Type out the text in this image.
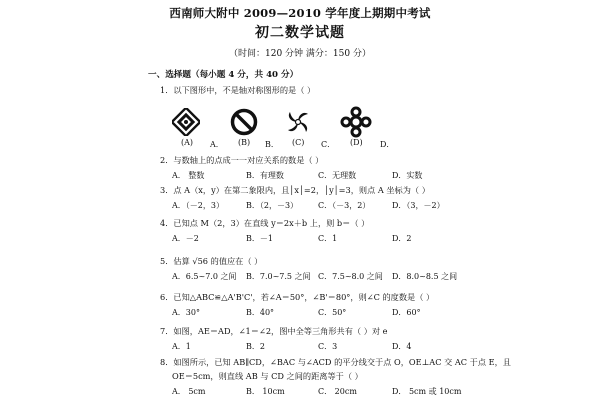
西南师大附中 2009—2010 学年度上期期中考试
初二数学试题
（时间：120 分钟 满分：150 分）
一、选择题（每小题 4 分，共 40 分）
1．以下图形中，不是轴对称图形的是（ ）
(A) A． (B) B． (C) C． (D) D．
2．与数轴上的点成一一对应关系的数是（ ）
A． 整数	B．有理数	C．无理数	D．实数
3．点 A（x，y）在第二象限内，且│x│=2，│y│=3，则点 A 坐标为（ ）
A．（－2，3）	B．（2，－3） C．（－3，2）	D．（3，－2）
4．已知点 M（2，3）在直线 y＝2x＋b 上，则 b＝（ ）
A．－2	B．－1	C．1	D．2
5．估算 √56 的值应在（ ）
A．6.5~7.0 之间 B．7.0~7.5 之间 C．7.5~8.0 之间 D．8.0~8.5 之间
6．已知△ABC≌△A'B'C'，若∠A＝50°，∠B'＝80°，则∠C 的度数是（ ）
A．30°	B．40°	C．50°	D．60°
7．如图，AE＝AD，∠1＝∠2，图中全等三角形共有（ ）对 e
A．1	B．2	C．3	D．4
8．如图所示，已知 AB∥CD，∠BAC 与∠ACD 的平分线交于点 O，OE⊥AC 交 AC 于点 E，且
OE＝5cm，则直线 AB 与 CD 之间的距离等于（ ）
A． 5cm	B． 10cm	C． 20cm	D． 5cm 或 10cm
